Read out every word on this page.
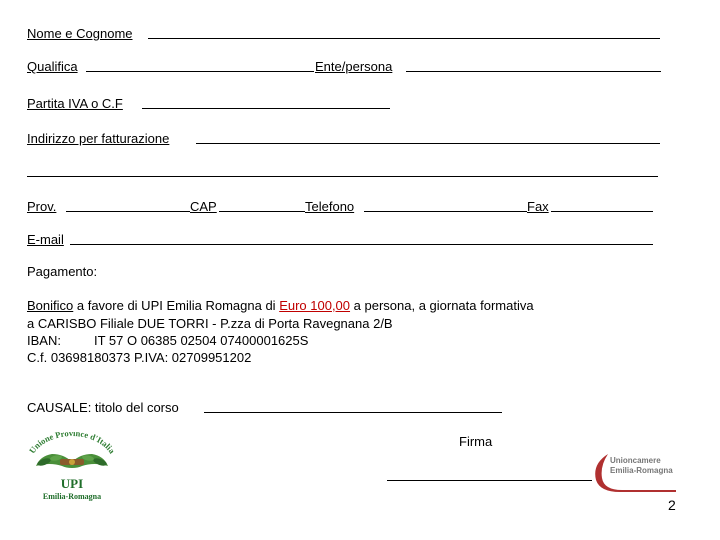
Nome e Cognome
Qualifica	Ente/persona
Partita IVA o C.F
Indirizzo per fatturazione
Prov.	CAP	Telefono	Fax
E-mail
Pagamento:
Bonifico a favore di UPI Emilia Romagna di Euro 100,00 a persona, a giornata formativa
a CARISBO Filiale DUE TORRI - P.zza di Porta Ravegnana 2/B
IBAN:	IT 57 O 06385 02504 07400001625S
C.f. 03698180373 P.IVA: 02709951202
CAUSALE: titolo del corso
Firma
Unione Province d'Italia
UPI
Emilia-Romagna
Unioncamere
Emilia-Romagna
2
